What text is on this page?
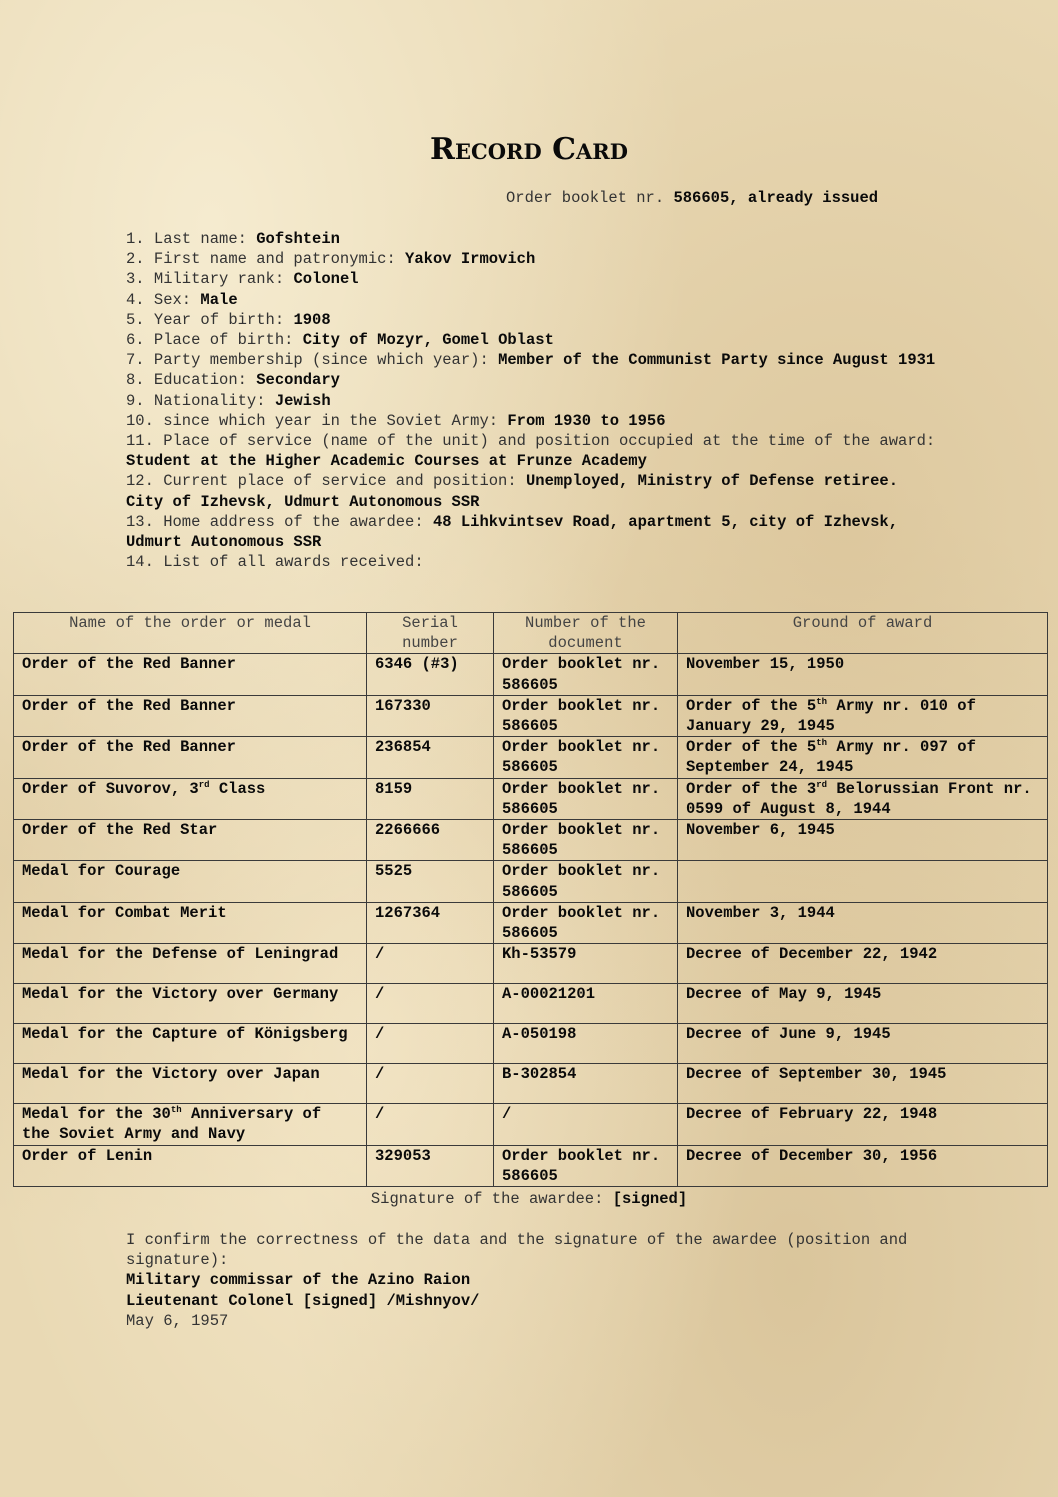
Record Card
Order booklet nr. 586605, already issued
1. Last name: Gofshtein
2. First name and patronymic: Yakov Irmovich
3. Military rank: Colonel
4. Sex: Male
5. Year of birth: 1908
6. Place of birth: City of Mozyr, Gomel Oblast
7. Party membership (since which year): Member of the Communist Party since August 1931
8. Education: Secondary
9. Nationality: Jewish
10. since which year in the Soviet Army: From 1930 to 1956
11. Place of service (name of the unit) and position occupied at the time of the award: Student at the Higher Academic Courses at Frunze Academy
12. Current place of service and position: Unemployed, Ministry of Defense retiree. City of Izhevsk, Udmurt Autonomous SSR
13. Home address of the awardee: 48 Lihkvintsev Road, apartment 5, city of Izhevsk, Udmurt Autonomous SSR
14. List of all awards received:
Name of the order or medal	Serial number	Number of the document	Ground of award
Order of the Red Banner	6346 (#3)	Order booklet nr. 586605	November 15, 1950
Order of the Red Banner	167330	Order booklet nr. 586605	Order of the 5th Army nr. 010 of January 29, 1945
Order of the Red Banner	236854	Order booklet nr. 586605	Order of the 5th Army nr. 097 of September 24, 1945
Order of Suvorov, 3rd Class	8159	Order booklet nr. 586605	Order of the 3rd Belorussian Front nr. 0599 of August 8, 1944
Order of the Red Star	2266666	Order booklet nr. 586605	November 6, 1945
Medal for Courage	5525	Order booklet nr. 586605	
Medal for Combat Merit	1267364	Order booklet nr. 586605	November 3, 1944
Medal for the Defense of Leningrad	/	Kh-53579	Decree of December 22, 1942
Medal for the Victory over Germany	/	A-00021201	Decree of May 9, 1945
Medal for the Capture of Königsberg	/	A-050198	Decree of June 9, 1945
Medal for the Victory over Japan	/	B-302854	Decree of September 30, 1945
Medal for the 30th Anniversary of the Soviet Army and Navy	/	/	Decree of February 22, 1948
Order of Lenin	329053	Order booklet nr. 586605	Decree of December 30, 1956
Signature of the awardee: [signed]
I confirm the correctness of the data and the signature of the awardee (position and signature):
Military commissar of the Azino Raion
Lieutenant Colonel [signed] /Mishnyov/
May 6, 1957
